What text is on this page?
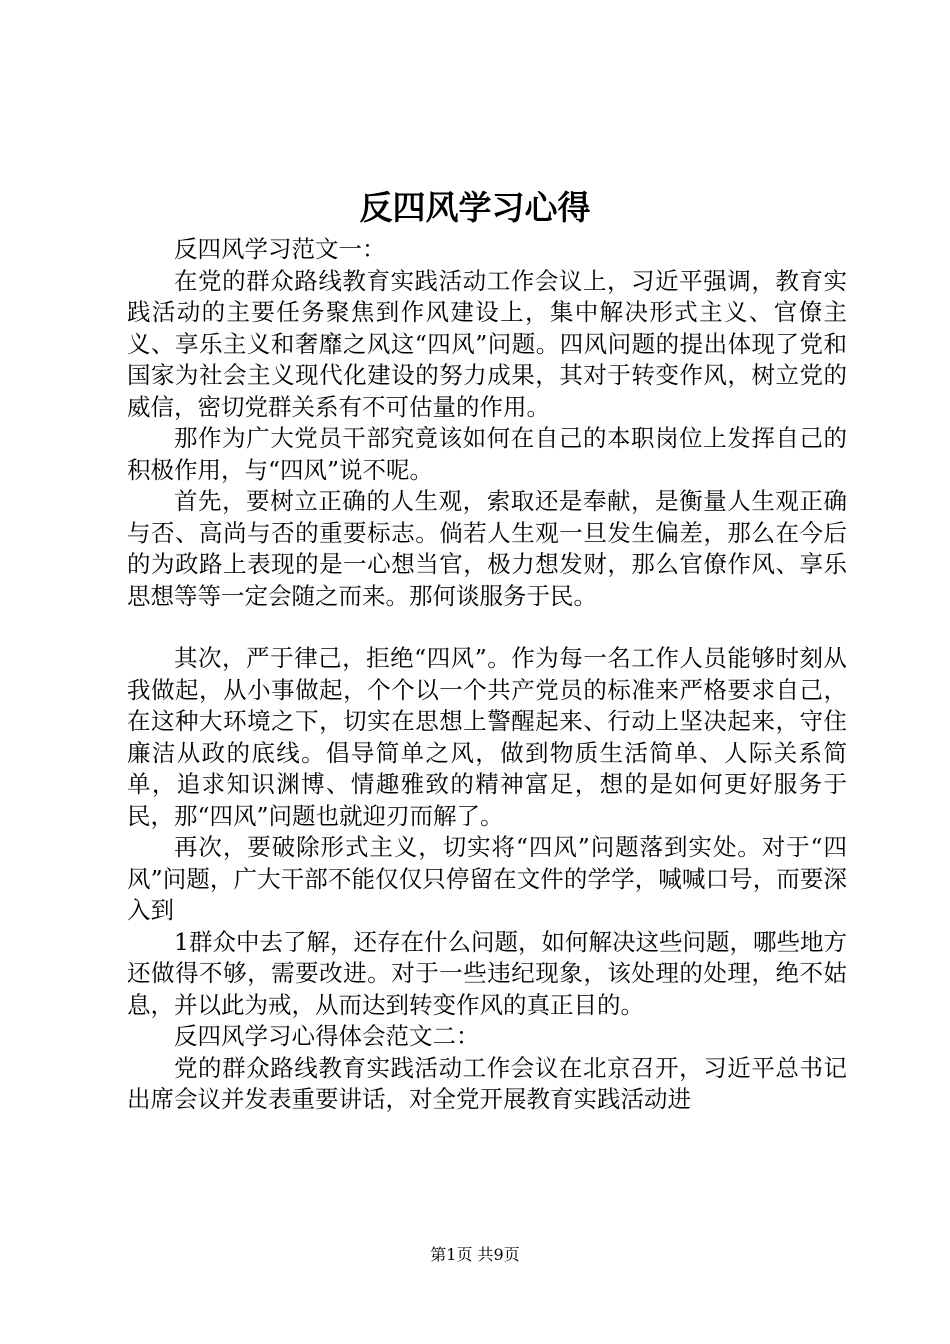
反四风学习心得

反四风学习范文一：

在党的群众路线教育实践活动工作会议上，习近平强调，教育实践活动的主要任务聚焦到作风建设上，集中解决形式主义、官僚主义、享乐主义和奢靡之风这“四风”问题。四风问题的提出体现了党和国家为社会主义现代化建设的努力成果，其对于转变作风，树立党的威信，密切党群关系有不可估量的作用。

那作为广大党员干部究竟该如何在自己的本职岗位上发挥自己的积极作用，与“四风”说不呢。

首先，要树立正确的人生观，索取还是奉献，是衡量人生观正确与否、高尚与否的重要标志。倘若人生观一旦发生偏差，那么在今后的为政路上表现的是一心想当官，极力想发财，那么官僚作风、享乐思想等等一定会随之而来。那何谈服务于民。

其次，严于律己，拒绝“四风”。作为每一名工作人员能够时刻从我做起，从小事做起，个个以一个共产党员的标准来严格要求自己，在这种大环境之下，切实在思想上警醒起来、行动上坚决起来，守住廉洁从政的底线。倡导简单之风，做到物质生活简单、人际关系简单，追求知识渊博、情趣雅致的精神富足，想的是如何更好服务于民，那“四风”问题也就迎刃而解了。

再次，要破除形式主义，切实将“四风”问题落到实处。对于“四风”问题，广大干部不能仅仅只停留在文件的学学，喊喊口号，而要深入到

1群众中去了解，还存在什么问题，如何解决这些问题，哪些地方还做得不够，需要改进。对于一些违纪现象，该处理的处理，绝不姑息，并以此为戒，从而达到转变作风的真正目的。

反四风学习心得体会范文二：

党的群众路线教育实践活动工作会议在北京召开，习近平总书记出席会议并发表重要讲话，对全党开展教育实践活动进

第1页 共9页
